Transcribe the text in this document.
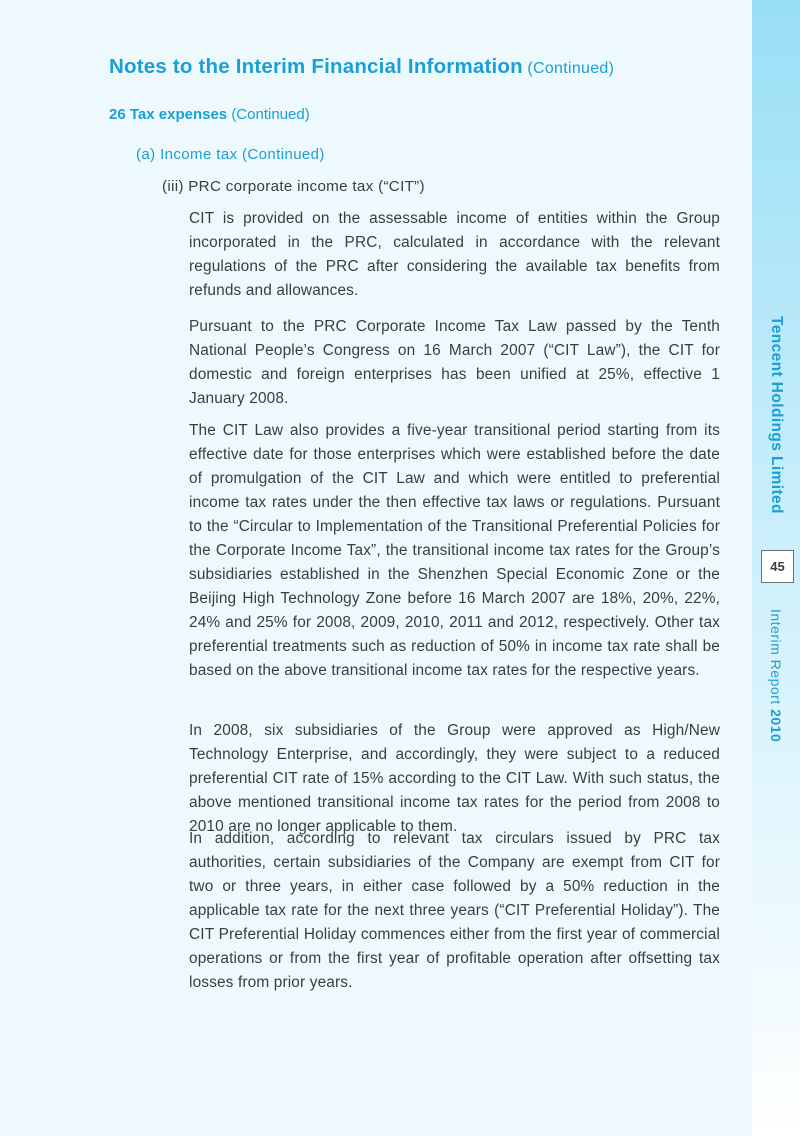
Notes to the Interim Financial Information (Continued)
26 Tax expenses (Continued)
(a) Income tax (Continued)
(iii) PRC corporate income tax (“CIT”)

CIT is provided on the assessable income of entities within the Group incorporated in the PRC, calculated in accordance with the relevant regulations of the PRC after considering the available tax benefits from refunds and allowances.

Pursuant to the PRC Corporate Income Tax Law passed by the Tenth National People’s Congress on 16 March 2007 (“CIT Law”), the CIT for domestic and foreign enterprises has been unified at 25%, effective 1 January 2008.

The CIT Law also provides a five-year transitional period starting from its effective date for those enterprises which were established before the date of promulgation of the CIT Law and which were entitled to preferential income tax rates under the then effective tax laws or regulations. Pursuant to the “Circular to Implementation of the Transitional Preferential Policies for the Corporate Income Tax”, the transitional income tax rates for the Group’s subsidiaries established in the Shenzhen Special Economic Zone or the Beijing High Technology Zone before 16 March 2007 are 18%, 20%, 22%, 24% and 25% for 2008, 2009, 2010, 2011 and 2012, respectively. Other tax preferential treatments such as reduction of 50% in income tax rate shall be based on the above transitional income tax rates for the respective years.

In 2008, six subsidiaries of the Group were approved as High/New Technology Enterprise, and accordingly, they were subject to a reduced preferential CIT rate of 15% according to the CIT Law. With such status, the above mentioned transitional income tax rates for the period from 2008 to 2010 are no longer applicable to them.

In addition, according to relevant tax circulars issued by PRC tax authorities, certain subsidiaries of the Company are exempt from CIT for two or three years, in either case followed by a 50% reduction in the applicable tax rate for the next three years (“CIT Preferential Holiday”). The CIT Preferential Holiday commences either from the first year of commercial operations or from the first year of profitable operation after offsetting tax losses from prior years.

Tencent Holdings Limited
45
Interim Report 2010
